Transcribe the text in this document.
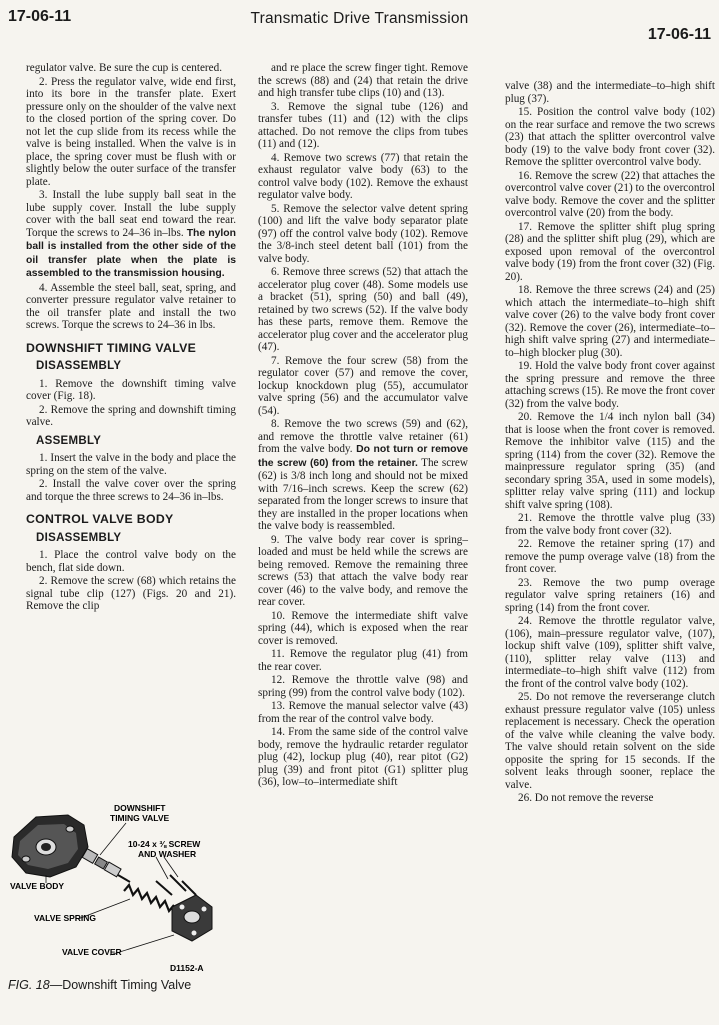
17-06-11	Transmatic Drive Transmission
17-06-11

regulator valve. Be sure the cup is centered.

2. Press the regulator valve, wide end first, into its bore in the transfer plate. Exert pressure only on the shoulder of the valve next to the closed portion of the spring cover. Do not let the cup slide from its recess while the valve is being installed. When the valve is in place, the spring cover must be flush with or slightly below the outer surface of the transfer plate.

3. Install the lube supply ball seat in the lube supply cover. Install the lube supply cover with the ball seat end toward the rear. Torque the screws to 24–36 in–lbs. The nylon ball is installed from the other side of the oil transfer plate when the plate is assembled to the transmission housing.

4. Assemble the steel ball, seat, spring, and converter pressure regulator valve retainer to the oil transfer plate and install the two screws. Torque the screws to 24–36 in lbs.

DOWNSHIFT TIMING VALVE
DISASSEMBLY

1. Remove the downshift timing valve cover (Fig. 18).

2. Remove the spring and downshift timing valve.

ASSEMBLY

1. Insert the valve in the body and place the spring on the stem of the valve.

2. Install the valve cover over the spring and torque the three screws to 24–36 in–lbs.

CONTROL VALVE BODY
DISASSEMBLY

1. Place the control valve body on the bench, flat side down.

2. Remove the screw (68) which retains the signal tube clip (127) (Figs. 20 and 21). Remove the clip

DOWNSHIFT
TIMING VALVE
10-24 x ⅜ SCREW
AND WASHER
VALVE BODY
VALVE SPRING
VALVE COVER
D1152-A
FIG. 18—Downshift Timing Valve

and re place the screw finger tight. Remove the screws (88) and (24) that retain the drive and high transfer tube clips (10) and (13).

3. Remove the signal tube (126) and transfer tubes (11) and (12) with the clips attached. Do not remove the clips from tubes (11) and (12).

4. Remove two screws (77) that retain the exhaust regulator valve body (63) to the control valve body (102). Remove the exhaust regulator valve body.

5. Remove the selector valve detent spring (100) and lift the valve body separator plate (97) off the control valve body (102). Remove the 3/8-inch steel detent ball (101) from the valve body.

6. Remove three screws (52) that attach the accelerator plug cover (48). Some models use a bracket (51), spring (50) and ball (49), retained by two screws (52). If the valve body has these parts, remove them. Remove the accelerator plug cover and the accelerator plug (47).

7. Remove the four screw (58) from the regulator cover (57) and remove the cover, lockup knockdown plug (55), accumulator valve spring (56) and the accumulator valve (54).

8. Remove the two screws (59) and (62), and remove the throttle valve retainer (61) from the valve body. Do not turn or remove the screw (60) from the retainer. The screw (62) is 3/8 inch long and should not be mixed with 7/16–inch screws. Keep the screw (62) separated from the longer screws to insure that they are installed in the proper locations when the valve body is reassembled.

9. The valve body rear cover is spring–loaded and must be held while the screws are being removed. Remove the remaining three screws (53) that attach the valve body rear cover (46) to the valve body, and remove the rear cover.

10. Remove the intermediate shift valve spring (44), which is exposed when the rear cover is removed.

11. Remove the regulator plug (41) from the rear cover.

12. Remove the throttle valve (98) and spring (99) from the control valve body (102).

13. Remove the manual selector valve (43) from the rear of the control valve body.

14. From the same side of the control valve body, remove the hydraulic retarder regulator plug (42), lockup plug (40), rear pitot (G2) plug (39) and front pitot (G1) splitter plug (36), low–to–intermediate shift

valve (38) and the intermediate–to–high shift plug (37).

15. Position the control valve body (102) on the rear surface and remove the two screws (23) that attach the splitter overcontrol valve body (19) to the valve body front cover (32). Remove the splitter overcontrol valve body.

16. Remove the screw (22) that attaches the overcontrol valve cover (21) to the overcontrol valve body. Remove the cover and the splitter overcontrol valve (20) from the body.

17. Remove the splitter shift plug spring (28) and the splitter shift plug (29), which are exposed upon removal of the overcontrol valve body (19) from the front cover (32) (Fig. 20).

18. Remove the three screws (24) and (25) which attach the intermediate–to–high shift valve cover (26) to the valve body front cover (32). Remove the cover (26), intermediate–to–high shift valve spring (27) and intermediate–to–high blocker plug (30).

19. Hold the valve body front cover against the spring pressure and remove the three attaching screws (15). Re move the front cover (32) from the valve body.

20. Remove the 1/4 inch nylon ball (34) that is loose when the front cover is removed. Remove the inhibitor valve (115) and the spring (114) from the cover (32). Remove the mainpressure regulator spring (35) (and secondary spring 35A, used in some models), splitter relay valve spring (111) and lockup shift valve spring (108).

21. Remove the throttle valve plug (33) from the valve body front cover (32).

22. Remove the retainer spring (17) and remove the pump overage valve (18) from the front cover.

23. Remove the two pump overage regulator valve spring retainers (16) and spring (14) from the front cover.

24. Remove the throttle regulator valve, (106), main–pressure regulator valve, (107), lockup shift valve (109), splitter shift valve, (110), splitter relay valve (113) and intermediate–to–high shift valve (112) from the front of the control valve body (102).

25. Do not remove the reverserange clutch exhaust pressure regulator valve (105) unless replacement is necessary. Check the operation of the valve while cleaning the valve body. The valve should retain solvent on the side opposite the spring for 15 seconds. If the solvent leaks through sooner, replace the valve.

26. Do not remove the reverse
